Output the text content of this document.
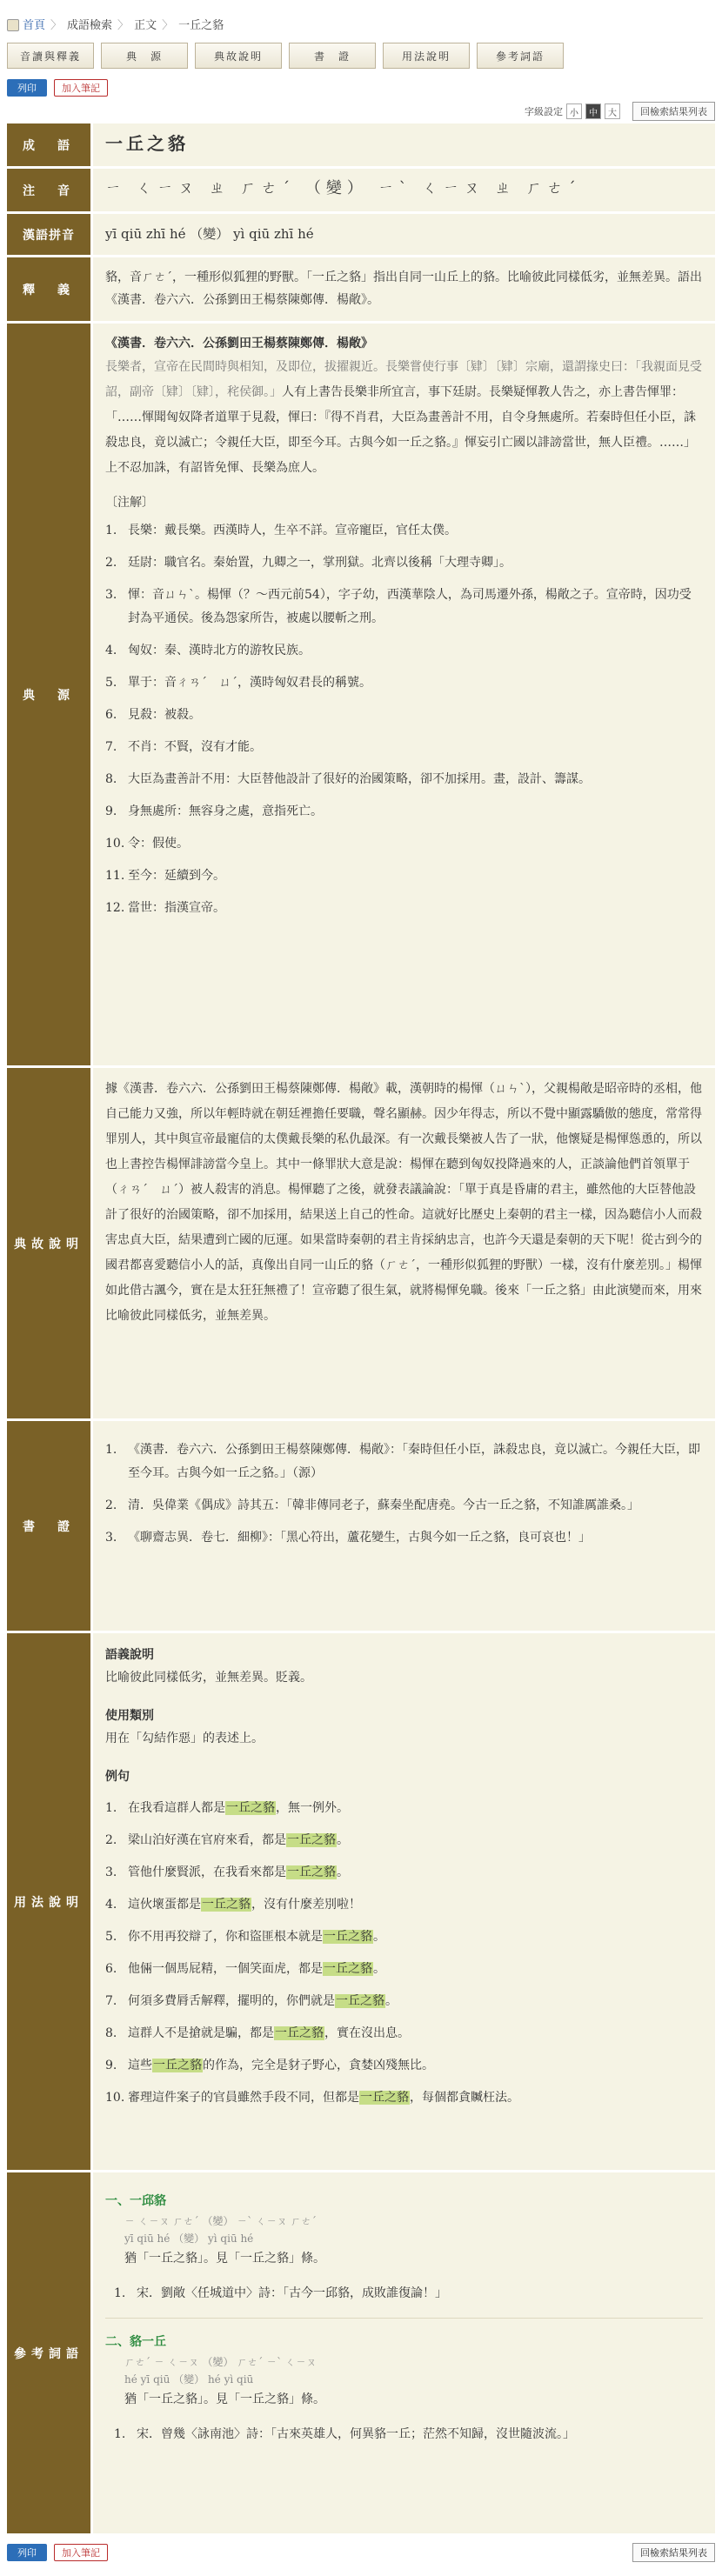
首頁 〉 成語檢索 〉 正文 〉 一丘之貉
音讀與釋義	典　源	典故說明	書　證	用法說明	參考詞語
列印	加入筆記
字級設定 小	中	大	回檢索結果列表
成　語	一丘之貉
注　音	ㄧ ㄑㄧㄡ ㄓ ㄏㄜˊ （變） ㄧˋ ㄑㄧㄡ ㄓ ㄏㄜˊ
漢語拼音	yī qiū zhī hé （變） yì qiū zhī hé
釋　義
貉，音ㄏㄜˊ，一種形似狐狸的野獸。「一丘之貉」指出自同一山丘上的貉。比喻彼此同樣低劣，並無差異。語出《漢書．卷六六．公孫劉田王楊蔡陳鄭傳．楊敞》。
典　源
《漢書．卷六六．公孫劉田王楊蔡陳鄭傳．楊敞》
長樂者，宣帝在民間時與相知，及即位，拔擢親近。長樂嘗使行事〔肄〕〔肄〕宗廟，還謂掾史曰：「我親面見受詔，副帝〔肄〕〔肄〕，秺侯御。」人有上書告長樂非所宜言，事下廷尉。長樂疑惲教人告之，亦上書告惲罪：「……惲聞匈奴降者道單于見殺，惲曰：『得不肖君，大臣為畫善計不用，自令身無處所。若秦時但任小臣，誅殺忠良，竟以滅亡；令親任大臣，即至今耳。古與今如一丘之貉。』惲妄引亡國以誹謗當世，無人臣禮。……」上不忍加誅，有詔皆免惲、長樂為庶人。
〔注解〕
1. 長樂：戴長樂。西漢時人，生卒不詳。宣帝寵臣，官任太僕。
2. 廷尉：職官名。秦始置，九卿之一，掌刑獄。北齊以後稱「大理寺卿」。
3. 惲：音ㄩㄣˋ。楊惲（？～西元前54），字子幼，西漢華陰人，為司馬遷外孫，楊敞之子。宣帝時，因功受封為平通侯。後為怨家所告，被處以腰斬之刑。
4. 匈奴：秦、漢時北方的游牧民族。
5. 單于：音ㄔㄢˊ　ㄩˊ，漢時匈奴君長的稱號。
6. 見殺：被殺。
7. 不肖：不賢，沒有才能。
8. 大臣為畫善計不用：大臣替他設計了很好的治國策略，卻不加採用。畫，設計、籌謀。
9. 身無處所：無容身之處，意指死亡。
10. 令：假使。
11. 至今：延續到今。
12. 當世：指漢宣帝。
典故說明
據《漢書．卷六六．公孫劉田王楊蔡陳鄭傳．楊敞》載，漢朝時的楊惲（ㄩㄣˋ），父親楊敞是昭帝時的丞相，他自己能力又強，所以年輕時就在朝廷裡擔任要職，聲名顯赫。因少年得志，所以不覺中顯露驕傲的態度，常常得罪別人，其中與宣帝最寵信的太僕戴長樂的私仇最深。有一次戴長樂被人告了一狀，他懷疑是楊惲慫恿的，所以也上書控告楊惲誹謗當今皇上。其中一條罪狀大意是說：楊惲在聽到匈奴投降過來的人，正談論他們首領單于（ㄔㄢˊ　ㄩˊ）被人殺害的消息。楊惲聽了之後，就發表議論說：「單于真是昏庸的君主，雖然他的大臣替他設計了很好的治國策略，卻不加採用，結果送上自己的性命。這就好比歷史上秦朝的君主一樣，因為聽信小人而殺害忠貞大臣，結果遭到亡國的厄運。如果當時秦朝的君主肯採納忠言，也許今天還是秦朝的天下呢！從古到今的國君都喜愛聽信小人的話，真像出自同一山丘的貉（ㄏㄜˊ，一種形似狐狸的野獸）一樣，沒有什麼差別。」楊惲如此借古諷今，實在是太狂狂無禮了！宣帝聽了很生氣，就將楊惲免職。後來「一丘之貉」由此演變而來，用來比喻彼此同樣低劣，並無差異。
書　證
1. 《漢書．卷六六．公孫劉田王楊蔡陳鄭傳．楊敞》：「秦時但任小臣，誅殺忠良，竟以滅亡。今親任大臣，即至今耳。古與今如一丘之貉。」（源）
2. 清．吳偉業《偶成》詩其五：「韓非傳同老子，蘇秦坐配唐堯。今古一丘之貉，不知誰厲誰桑。」
3. 《聊齋志異．卷七．細柳》：「黑心符出，蘆花變生，古與今如一丘之貉，良可哀也！」
用法說明
語義說明
比喻彼此同樣低劣，並無差異。貶義。
使用類別
用在「勾結作惡」的表述上。
例句
1. 在我看這群人都是一丘之貉，無一例外。
2. 梁山泊好漢在官府來看，都是一丘之貉。
3. 管他什麼賢派，在我看來都是一丘之貉。
4. 這伙壞蛋都是一丘之貉，沒有什麼差別啦！
5. 你不用再狡辯了，你和盜匪根本就是一丘之貉。
6. 他倆一個馬屁精，一個笑面虎，都是一丘之貉。
7. 何須多費脣舌解釋，擺明的，你們就是一丘之貉。
8. 這群人不是搶就是騙，都是一丘之貉，實在沒出息。
9. 這些一丘之貉的作為，完全是豺子野心，貪婪凶殘無比。
10. 審理這件案子的官員雖然手段不同，但都是一丘之貉，每個都貪贓枉法。
參考詞語
一、一邱貉
ㄧ ㄑㄧㄡ ㄏㄜˊ （變） ㄧˋ ㄑㄧㄡ ㄏㄜˊ
yī qiū hé （變） yì qiū hé
猶「一丘之貉」。見「一丘之貉」條。
1. 宋．劉敞〈任城道中〉詩：「古今一邱貉，成敗誰復論！」
二、貉一丘
ㄏㄜˊ ㄧ ㄑㄧㄡ （變） ㄏㄜˊ ㄧˋ ㄑㄧㄡ
hé yī qiū （變） hé yì qiū
猶「一丘之貉」。見「一丘之貉」條。
1. 宋．曾幾〈詠南池〉詩：「古來英雄人，何異貉一丘；茫然不知歸，沒世隨波流。」
列印	加入筆記	回檢索結果列表
